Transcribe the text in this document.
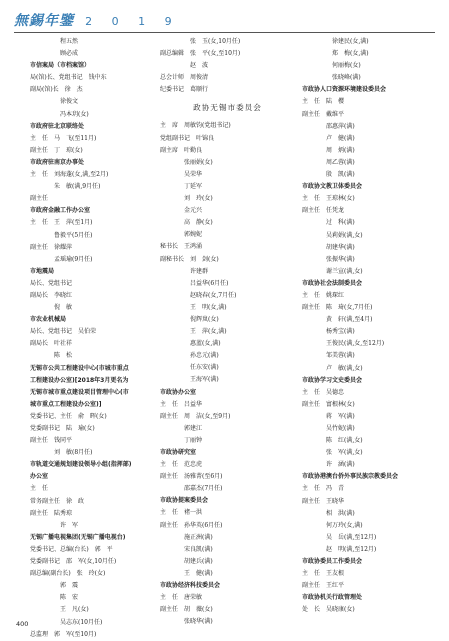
無錫年鑒 2 0 1 9
　　　　　程五然
　　　　　顾必成
市信案局（市档案馆）
局(馆)长、党组书记　钱中东
副局(馆)长　徐　杰
　　　　　徐俊文
　　　　　冯本玥(女)
市政府驻北京联络处
主　任　马　飞(至11月)
副主任　丁　琼(女)
市政府驻南京办事处
主　任　刘海蓬(女,满,至2月)
　　　　朱　敏(满,9月任)
副主任
市政府金融工作办公室
主　任　王　萍(至1月)
　　　　鲁毅平(5月任)
副主任　徐耀萍
　　　　孟瑶瑜(9月任)
市地震局
局长、党组书记
副局长　李晓红
　　　　倪　敏
市农业机械局
局长、党组书记　吴伯荣
副局长　叶社祥
　　　　陈　松
无锡市公共工程建设中心(市城市重点
工程建设办公室)[2018年3月更名为
无锡市城市重点建设项目管理中心(市
城市重点工程建设办公室)]
党委书记、主任　俞　晖(女)
党委副书记　陆　瑜(女)
副主任　钱同平
　　　　刘　敏(8月任)
市轨道交通规划建设领导小组(指挥部)
办公室
主　任
常务副主任　徐　政
副主任　陆秀琼
　　　　　许　军
无锡广播电视集团(无锡广播电视台)
党委书记、总编(台长)　郭　平
党委副书记　邵　军(女,10月任)
副总编(副台长)　张　玲(女)
　　　　　郭　震
　　　　　陈　宏
　　　　　王　凡(女)
　　　　　吴志东(10月任)
总监理　郭　军(至10月)
　　　　　张　玉(女,10月任)
副总编辑　张　平(女,至10月)
　　　　　赵　波
总会计师　周俊清
纪委书记　葛顺行
政协无锡市委员会
主　席　周敏钧(党组书记)
党组副书记　叶锦良
副主席　叶勤良
　　　　张丽娟(女)
　　　　吴荣华
　　　　丁延军
　　　　刘　玲(女)
　　　　金元兴
　　　　高　静(女)
　　　　郭婉妮
秘书长　王鸿涌
副秘书长　刘　剑(女)
　　　　　许建群
　　　　　吕益华(6月任)
　　　　　赵晓春(女,7月任)
　　　　　王　明(女,满)
　　　　　倪辉岚(女)
　　　　　王　萍(女,满)
　　　　　惠蓝(女,满)
　　　　　孙忠元(满)
　　　　　任东安(满)
　　　　　王海军(满)
市政协办公室
主　任　吕益华
副主任　周　洁(女,至9月)
　　　　郭建江
　　　　丁丽钟
市政协研究室
主　任　范忠虎
副主任　汤雅菁(至6月)
　　　　邵嘉杰(7月任)
市政协提案委员会
主　任　褚一洪
副主任　孙华英(6月任)
　　　　施正洲(满)
　　　　宋良凯(满)
　　　　胡建兵(满)
　　　　王　健(满)
市政协经济科技委员会
主　任　唐荣敏
副主任　胡　薇(女)
　　　　张晓华(满)
　　　　　徐建民(女,满)
　　　　　郑　梅(女,满)
　　　　　何丽梅(女)
　　　　　张晓峰(满)
市政协人口资源环境建设委员会
主　任　陆　樱
副主任　戴维平
　　　　邵惠萍(满)
　　　　卢　健(满)
　　　　周　炳(满)
　　　　周乙蓉(满)
　　　　殷　凯(满)
市政协文教卫体委员会
主　任　王琼林(女)
副主任　任凭龙
　　　　过　科(满)
　　　　吴莉娟(满,女)
　　　　胡建华(满)
　　　　张振华(满)
　　　　谢兰宣(满,女)
市政协社会法制委员会
主　任　姚琛红
副主任　陈　琦(女,7月任)
　　　　黄　轩(满,至4月)
　　　　杨秀宝(满)
　　　　王俊民(满,女,至12月)
　　　　邹美蓉(满)
　　　　卢　敏(满,女)
市政协学习文史委员会
主　任　吴德忠
副主任　富根林(女)
　　　　蒋　军(满)
　　　　吴竹妮(满)
　　　　陈　红(满,女)
　　　　张　军(满,女)
　　　　许　涵(满)
市政协港澳台侨外事民族宗教委员会
主　任　冯　青
副主任　王晓华
　　　　相　洪(满)
　　　　何万玲(女,满)
　　　　吴　岳(满,至12月)
　　　　赵　明(满,至12月)
市政协委员工作委员会
主　任　王友根
副主任　王红平
市政协机关行政管理处
处　长　吴晓康(女)
400
